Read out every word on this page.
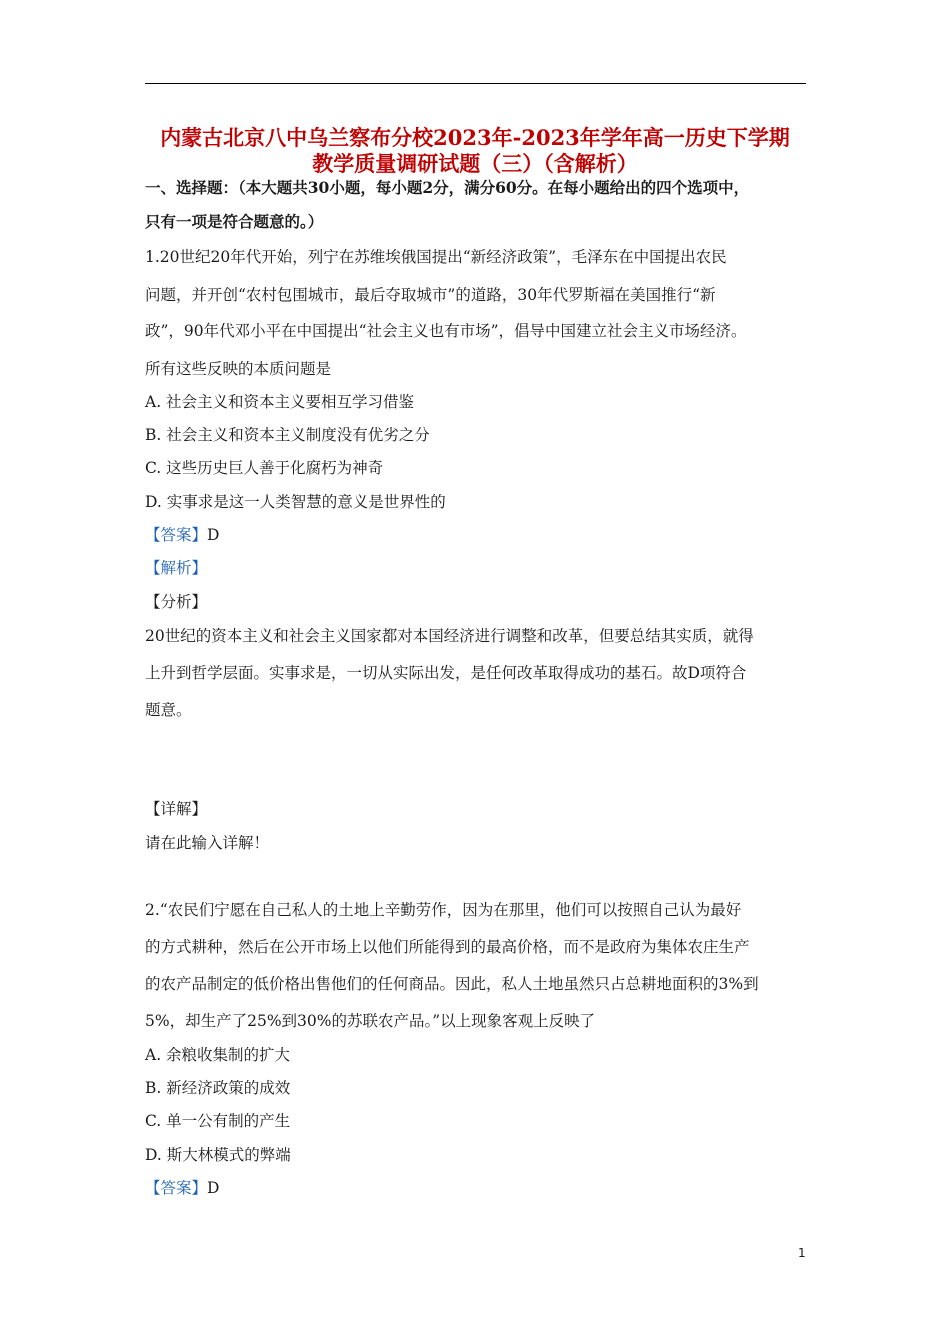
内蒙古北京八中乌兰察布分校2023年-2023年学年高一历史下学期
教学质量调研试题（三）（含解析）
一、选择题：（本大题共30小题，每小题2分，满分60分。在每小题给出的四个选项中，
只有一项是符合题意的。）
1.20世纪20年代开始，列宁在苏维埃俄国提出“新经济政策”，毛泽东在中国提出农民
问题，并开创“农村包围城市，最后夺取城市”的道路，30年代罗斯福在美国推行“新
政”，90年代邓小平在中国提出“社会主义也有市场”，倡导中国建立社会主义市场经济。
所有这些反映的本质问题是
A. 社会主义和资本主义要相互学习借鉴
B. 社会主义和资本主义制度没有优劣之分
C. 这些历史巨人善于化腐朽为神奇
D. 实事求是这一人类智慧的意义是世界性的
【答案】D
【解析】
【分析】
20世纪的资本主义和社会主义国家都对本国经济进行调整和改革，但要总结其实质，就得
上升到哲学层面。实事求是，一切从实际出发，是任何改革取得成功的基石。故D项符合
题意。
【详解】
请在此输入详解！
2.“农民们宁愿在自己私人的土地上辛勤劳作，因为在那里，他们可以按照自己认为最好
的方式耕种，然后在公开市场上以他们所能得到的最高价格，而不是政府为集体农庄生产
的农产品制定的低价格出售他们的任何商品。因此，私人土地虽然只占总耕地面积的3%到
5%，却生产了25%到30%的苏联农产品。”以上现象客观上反映了
A. 余粮收集制的扩大
B. 新经济政策的成效
C. 单一公有制的产生
D. 斯大林模式的弊端
【答案】D
1
